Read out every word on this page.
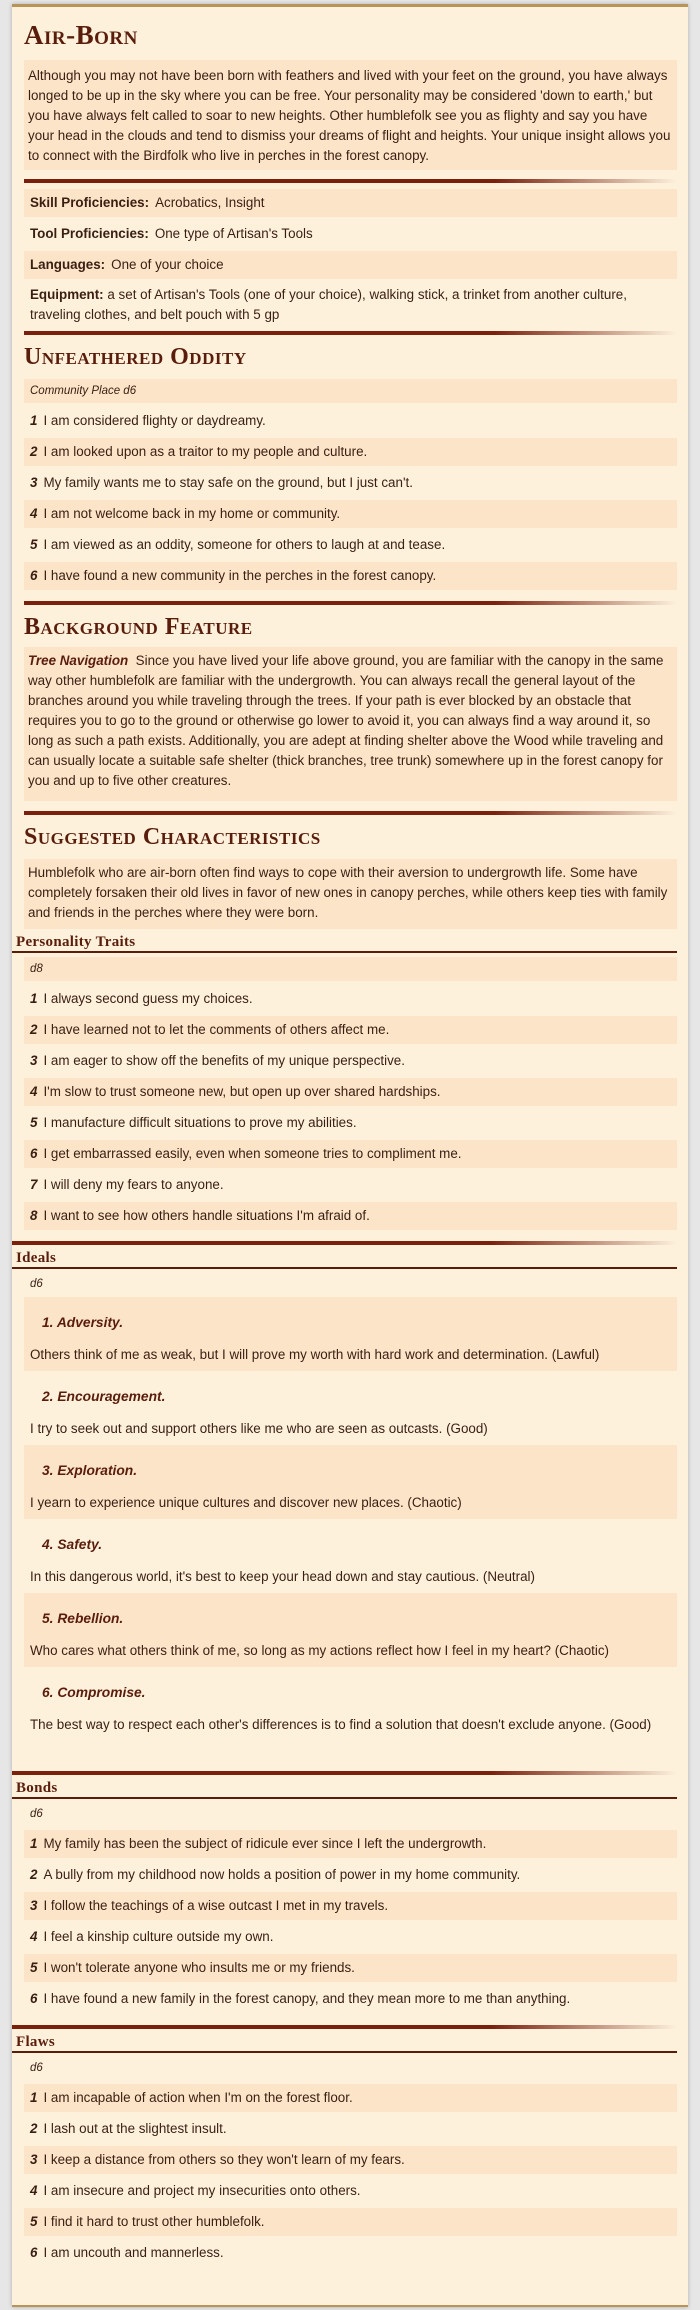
Air-Born

Although you may not have been born with feathers and lived with your feet on the ground, you have always longed to be up in the sky where you can be free. Your personality may be considered 'down to earth,' but you have always felt called to soar to new heights. Other humblefolk see you as flighty and say you have your head in the clouds and tend to dismiss your dreams of flight and heights. Your unique insight allows you to connect with the Birdfolk who live in perches in the forest canopy.

Skill Proficiencies: Acrobatics, Insight
Tool Proficiencies: One type of Artisan's Tools
Languages: One of your choice

Equipment: a set of Artisan's Tools (one of your choice), walking stick, a trinket from another culture, traveling clothes, and belt pouch with 5 gp

Unfeathered Oddity
Community Place d6
1 I am considered flighty or daydreamy.
2 I am looked upon as a traitor to my people and culture.
3 My family wants me to stay safe on the ground, but I just can't.
4 I am not welcome back in my home or community.
5 I am viewed as an oddity, someone for others to laugh at and tease.
6 I have found a new community in the perches in the forest canopy.
Background Feature

Tree Navigation Since you have lived your life above ground, you are familiar with the canopy in the same way other humblefolk are familiar with the undergrowth. You can always recall the general layout of the branches around you while traveling through the trees. If your path is ever blocked by an obstacle that requires you to go to the ground or otherwise go lower to avoid it, you can always find a way around it, so long as such a path exists. Additionally, you are adept at finding shelter above the Wood while traveling and can usually locate a suitable safe shelter (thick branches, tree trunk) somewhere up in the forest canopy for you and up to five other creatures.

Suggested Characteristics

Humblefolk who are air-born often find ways to cope with their aversion to undergrowth life. Some have completely forsaken their old lives in favor of new ones in canopy perches, while others keep ties with family and friends in the perches where they were born.

Personality Traits
d8
1 I always second guess my choices.
2 I have learned not to let the comments of others affect me.
3 I am eager to show off the benefits of my unique perspective.
4 I'm slow to trust someone new, but open up over shared hardships.
5 I manufacture difficult situations to prove my abilities.
6 I get embarrassed easily, even when someone tries to compliment me.
7 I will deny my fears to anyone.
8 I want to see how others handle situations I'm afraid of.
Ideals
d6
1. Adversity.
Others think of me as weak, but I will prove my worth with hard work and determination. (Lawful)
2. Encouragement.
I try to seek out and support others like me who are seen as outcasts. (Good)
3. Exploration.
I yearn to experience unique cultures and discover new places. (Chaotic)
4. Safety.
In this dangerous world, it's best to keep your head down and stay cautious. (Neutral)
5. Rebellion.
Who cares what others think of me, so long as my actions reflect how I feel in my heart? (Chaotic)
6. Compromise.
The best way to respect each other's differences is to find a solution that doesn't exclude anyone. (Good)
Bonds
d6
1 My family has been the subject of ridicule ever since I left the undergrowth.
2 A bully from my childhood now holds a position of power in my home community.
3 I follow the teachings of a wise outcast I met in my travels.
4 I feel a kinship culture outside my own.
5 I won't tolerate anyone who insults me or my friends.
6 I have found a new family in the forest canopy, and they mean more to me than anything.
Flaws
d6
1 I am incapable of action when I'm on the forest floor.
2 I lash out at the slightest insult.
3 I keep a distance from others so they won't learn of my fears.
4 I am insecure and project my insecurities onto others.
5 I find it hard to trust other humblefolk.
6 I am uncouth and mannerless.
